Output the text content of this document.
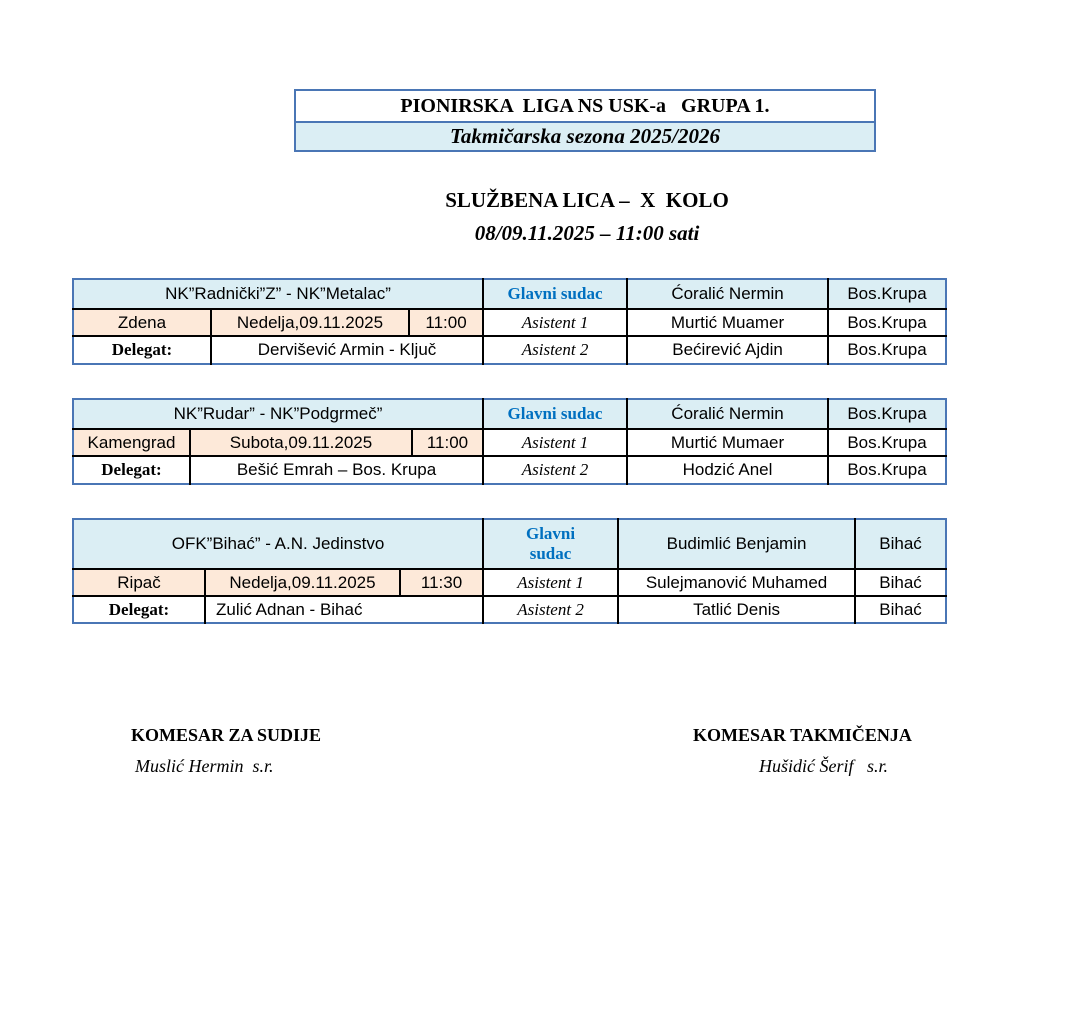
PIONIRSKA  LIGA NS USK-a   GRUPA 1.
Takmičarska sezona 2025/2026
SLUŽBENA LICA –  X  KOLO
08/09.11.2025 – 11:00 sati
NK”Radnički”Z” - NK”Metalac”			Glavni sudac	Ćoralić Nermin	Bos.Krupa
Zdena	Nedelja,09.11.2025	11:00	Asistent 1	Murtić Muamer	Bos.Krupa
Delegat:	Dervišević Armin - Ključ		Asistent 2	Bećirević Ajdin	Bos.Krupa
NK”Rudar” - NK”Podgrmeč”			Glavni sudac	Ćoralić Nermin	Bos.Krupa
Kamengrad	Subota,09.11.2025	11:00	Asistent 1	Murtić Mumaer	Bos.Krupa
Delegat:	Bešić Emrah – Bos. Krupa		Asistent 2	Hodzić Anel	Bos.Krupa
OFK”Bihać” - A.N. Jedinstvo			Glavni sudac	Budimlić Benjamin	Bihać
Ripač	Nedelja,09.11.2025	11:30	Asistent 1	Sulejmanović Muhamed	Bihać
Delegat:	Zulić Adnan - Bihać		Asistent 2	Tatlić Denis	Bihać
KOMESAR ZA SUDIJE
Muslić Hermin  s.r.
KOMESAR TAKMIČENJA
Hušidić Šerif   s.r.
